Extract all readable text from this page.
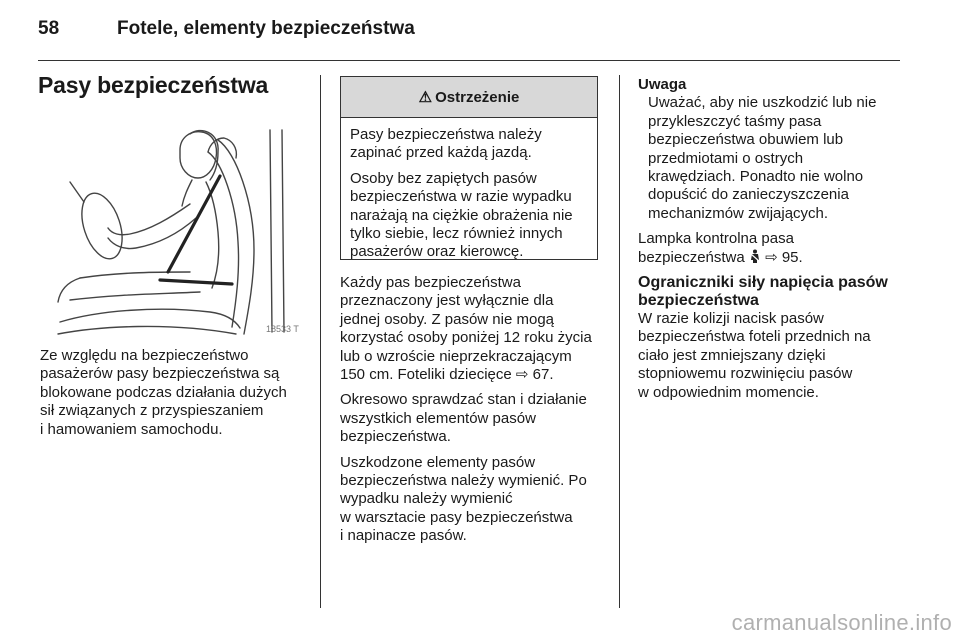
58	Fotele, elementy bezpieczeństwa
Pasy bezpieczeństwa
18533 T
Ze względu na bezpieczeństwo
pasażerów pasy bezpieczeństwa są
blokowane podczas działania dużych
sił związanych z przyspieszaniem
i hamowaniem samochodu.
⚠ Ostrzeżenie

Pasy bezpieczeństwa należy
zapinać przed każdą jazdą.

Osoby bez zapiętych pasów
bezpieczeństwa w razie wypadku
narażają na ciężkie obrażenia nie
tylko siebie, lecz również innych
pasażerów oraz kierowcę.

Każdy pas bezpieczeństwa
przeznaczony jest wyłącznie dla
jednej osoby. Z pasów nie mogą
korzystać osoby poniżej 12 roku życia
lub o wzroście nieprzekraczającym
150 cm. Foteliki dziecięce ⇨ 67.

Okresowo sprawdzać stan i działanie
wszystkich elementów pasów
bezpieczeństwa.

Uszkodzone elementy pasów
bezpieczeństwa należy wymienić. Po
wypadku należy wymienić
w warsztacie pasy bezpieczeństwa
i napinacze pasów.

Uwaga

Uważać, aby nie uszkodzić lub nie
przykleszczyć taśmy pasa
bezpieczeństwa obuwiem lub
przedmiotami o ostrych
krawędziach. Ponadto nie wolno
dopuścić do zanieczyszczenia
mechanizmów zwijających.

Lampka kontrolna pasa
bezpieczeństwa ⇨ 95.

Ograniczniki siły napięcia pasów
bezpieczeństwa

W razie kolizji nacisk pasów
bezpieczeństwa foteli przednich na
ciało jest zmniejszany dzięki
stopniowemu rozwinięciu pasów
w odpowiednim momencie.

carmanualsonline.info
